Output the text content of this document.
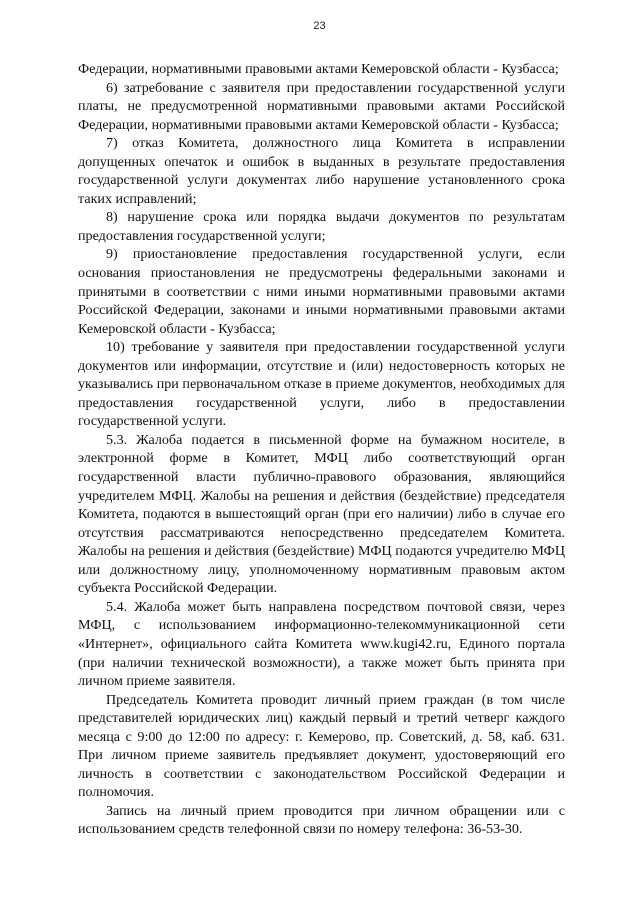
23

Федерации, нормативными правовыми актами Кемеровской области - Кузбасса;

6) затребование с заявителя при предоставлении государственной услуги платы, не предусмотренной нормативными правовыми актами Российской Федерации, нормативными правовыми актами Кемеровской области - Кузбасса;

7) отказ Комитета, должностного лица Комитета в исправлении допущенных опечаток и ошибок в выданных в результате предоставления государственной услуги документах либо нарушение установленного срока таких исправлений;

8) нарушение срока или порядка выдачи документов по результатам предоставления государственной услуги;

9) приостановление предоставления государственной услуги, если основания приостановления не предусмотрены федеральными законами и принятыми в соответствии с ними иными нормативными правовыми актами Российской Федерации, законами и иными нормативными правовыми актами Кемеровской области - Кузбасса;

10) требование у заявителя при предоставлении государственной услуги документов или информации, отсутствие и (или) недостоверность которых не указывались при первоначальном отказе в приеме документов, необходимых для предоставления государственной услуги, либо в предоставлении государственной услуги.

5.3. Жалоба подается в письменной форме на бумажном носителе, в электронной форме в Комитет, МФЦ либо соответствующий орган государственной власти публично-правового образования, являющийся учредителем МФЦ. Жалобы на решения и действия (бездействие) председателя Комитета, подаются в вышестоящий орган (при его наличии) либо в случае его отсутствия рассматриваются непосредственно председателем Комитета. Жалобы на решения и действия (бездействие) МФЦ подаются учредителю МФЦ или должностному лицу, уполномоченному нормативным правовым актом субъекта Российской Федерации.

5.4. Жалоба может быть направлена посредством почтовой связи, через МФЦ, с использованием информационно-телекоммуникационной сети «Интернет», официального сайта Комитета www.kugi42.ru, Единого портала (при наличии технической возможности), а также может быть принята при личном приеме заявителя.

Председатель Комитета проводит личный прием граждан (в том числе представителей юридических лиц) каждый первый и третий четверг каждого месяца с 9:00 до 12:00 по адресу: г. Кемерово, пр. Советский, д. 58, каб. 631. При личном приеме заявитель предъявляет документ, удостоверяющий его личность в соответствии с законодательством Российской Федерации и полномочия.

Запись на личный прием проводится при личном обращении или с использованием средств телефонной связи по номеру телефона: 36-53-30.
